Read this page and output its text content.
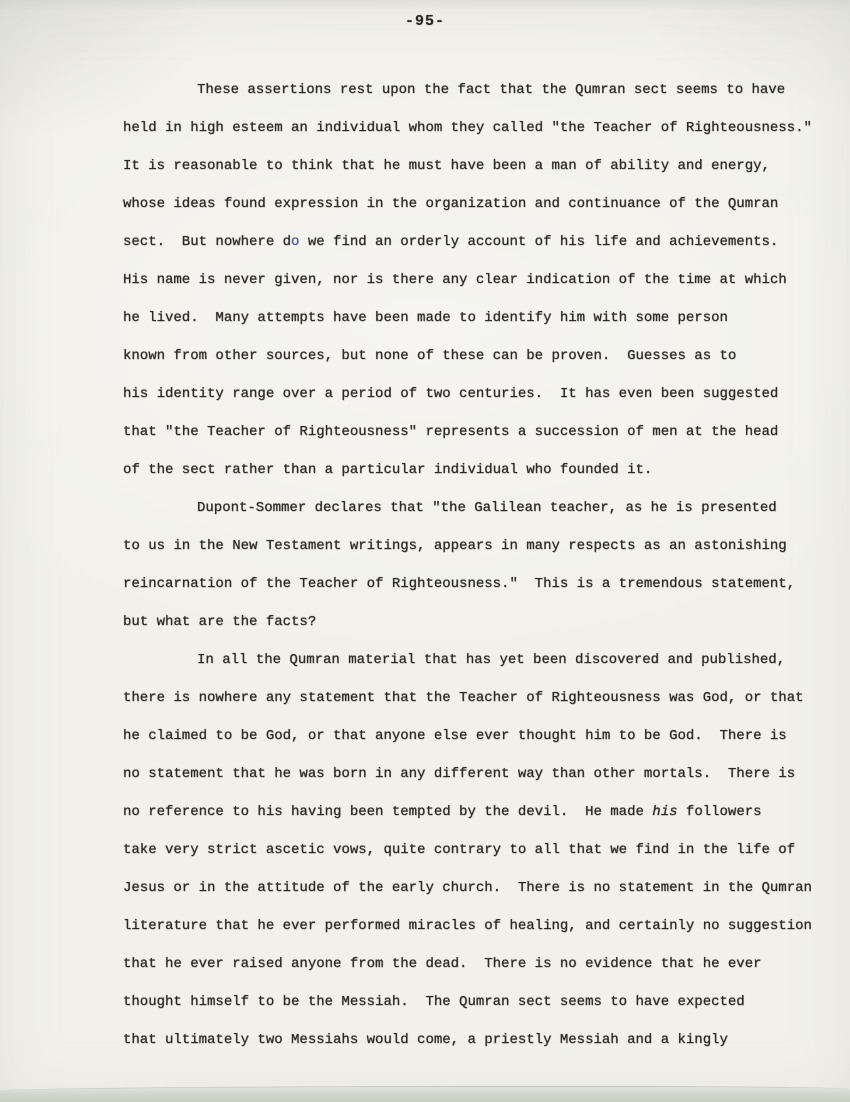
-95-
These assertions rest upon the fact that the Qumran sect seems to have
held in high esteem an individual whom they called "the Teacher of Righteousness."
It is reasonable to think that he must have been a man of ability and energy,
whose ideas found expression in the organization and continuance of the Qumran
sect.  But nowhere do we find an orderly account of his life and achievements.
His name is never given, nor is there any clear indication of the time at which
he lived.  Many attempts have been made to identify him with some person
known from other sources, but none of these can be proven.  Guesses as to
his identity range over a period of two centuries.  It has even been suggested
that "the Teacher of Righteousness" represents a succession of men at the head
of the sect rather than a particular individual who founded it.
Dupont-Sommer declares that "the Galilean teacher, as he is presented
to us in the New Testament writings, appears in many respects as an astonishing
reincarnation of the Teacher of Righteousness."  This is a tremendous statement,
but what are the facts?
In all the Qumran material that has yet been discovered and published,
there is nowhere any statement that the Teacher of Righteousness was God, or that
he claimed to be God, or that anyone else ever thought him to be God.  There is
no statement that he was born in any different way than other mortals.  There is
no reference to his having been tempted by the devil.  He made his followers
take very strict ascetic vows, quite contrary to all that we find in the life of
Jesus or in the attitude of the early church.  There is no statement in the Qumran
literature that he ever performed miracles of healing, and certainly no suggestion
that he ever raised anyone from the dead.  There is no evidence that he ever
thought himself to be the Messiah.  The Qumran sect seems to have expected
that ultimately two Messiahs would come, a priestly Messiah and a kingly
